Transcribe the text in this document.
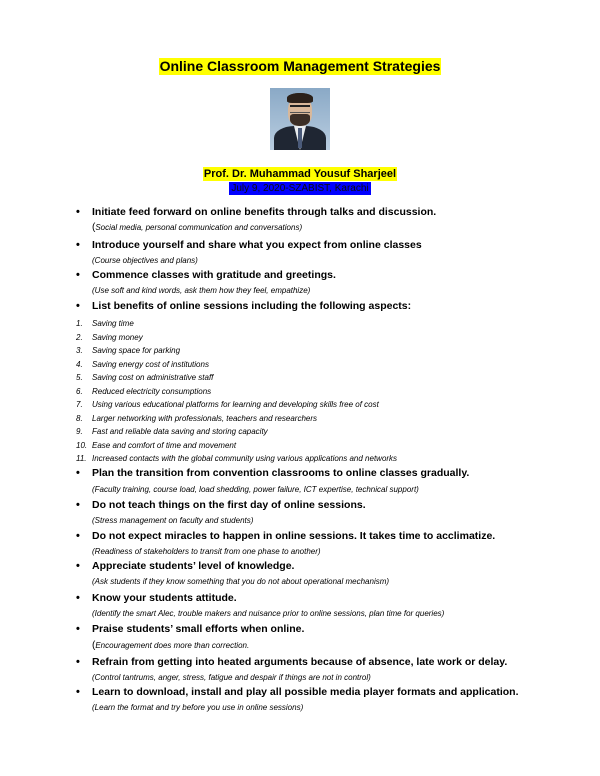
Online Classroom Management Strategies
Prof. Dr. Muhammad Yousuf Sharjeel
July 9, 2020-SZABIST, Karachi
• Initiate feed forward on online benefits through talks and discussion.
(Social media, personal communication and conversations)
• Introduce yourself and share what you expect from online classes
(Course objectives and plans)
• Commence classes with gratitude and greetings.
(Use soft and kind words, ask them how they feel, empathize)
• List benefits of online sessions including the following aspects:
1. Saving time
2. Saving money
3. Saving space for parking
4. Saving energy cost of institutions
5. Saving cost on administrative staff
6. Reduced electricity consumptions
7. Using various educational platforms for learning and developing skills free of cost
8. Larger networking with professionals, teachers and researchers
9. Fast and reliable data saving and storing capacity
10. Ease and comfort of time and movement
11. Increased contacts with the global community using various applications and networks
• Plan the transition from convention classrooms to online classes gradually.
(Faculty training, course load, load shedding, power failure, ICT expertise, technical support)
• Do not teach things on the first day of online sessions.
(Stress management on faculty and students)
• Do not expect miracles to happen in online sessions. It takes time to acclimatize.
(Readiness of stakeholders to transit from one phase to another)
• Appreciate students’ level of knowledge.
(Ask students if they know something that you do not about operational mechanism)
• Know your students attitude.
(Identify the smart Alec, trouble makers and nuisance prior to online sessions, plan time for queries)
• Praise students’ small efforts when online.
(Encouragement does more than correction.
• Refrain from getting into heated arguments because of absence, late work or delay.
(Control tantrums, anger, stress, fatigue and despair if things are not in control)
• Learn to download, install and play all possible media player formats and application.
(Learn the format and try before you use in online sessions)
